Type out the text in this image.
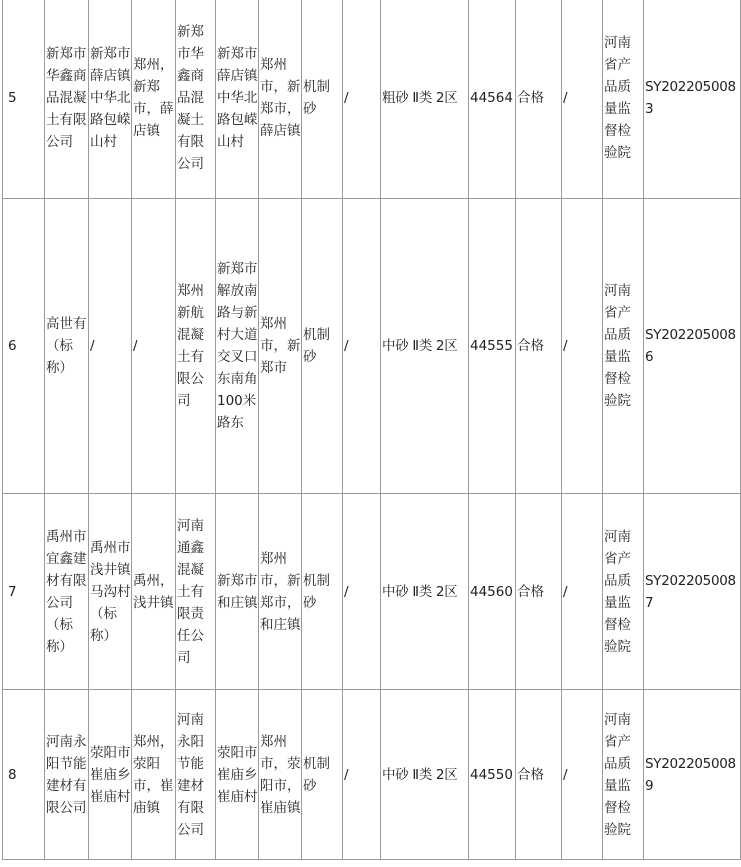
5	新郑市华鑫商品混凝土有限公司	新郑市薛店镇中华北路包嵘山村	郑州，新郑市，薛店镇	新郑市华鑫商品混凝土有限公司	新郑市薛店镇中华北路包嵘山村	郑州市，新郑市，薛店镇	机制砂	/	粗砂 Ⅱ类 2区	44564	合格	/	河南省产品质量监督检验院	SY2022050083
6	高世有（标称）	/	/	郑州新航混凝土有限公司	新郑市解放南路与新村大道交叉口东南角100米路东	郑州市，新郑市	机制砂	/	中砂 Ⅱ类 2区	44555	合格	/	河南省产品质量监督检验院	SY2022050086
7	禹州市宜鑫建材有限公司（标称）	禹州市浅井镇马沟村（标称）	禹州，浅井镇	河南通鑫混凝土有限责任公司	新郑市和庄镇	郑州市，新郑市，和庄镇	机制砂	/	中砂 Ⅱ类 2区	44560	合格	/	河南省产品质量监督检验院	SY2022050087
8	河南永阳节能建材有限公司	荥阳市崔庙乡崔庙村	郑州，荥阳市，崔庙镇	河南永阳节能建材有限公司	荥阳市崔庙乡崔庙村	郑州市，荥阳市，崔庙镇	机制砂	/	中砂 Ⅱ类 2区	44550	合格	/	河南省产品质量监督检验院	SY2022050089
